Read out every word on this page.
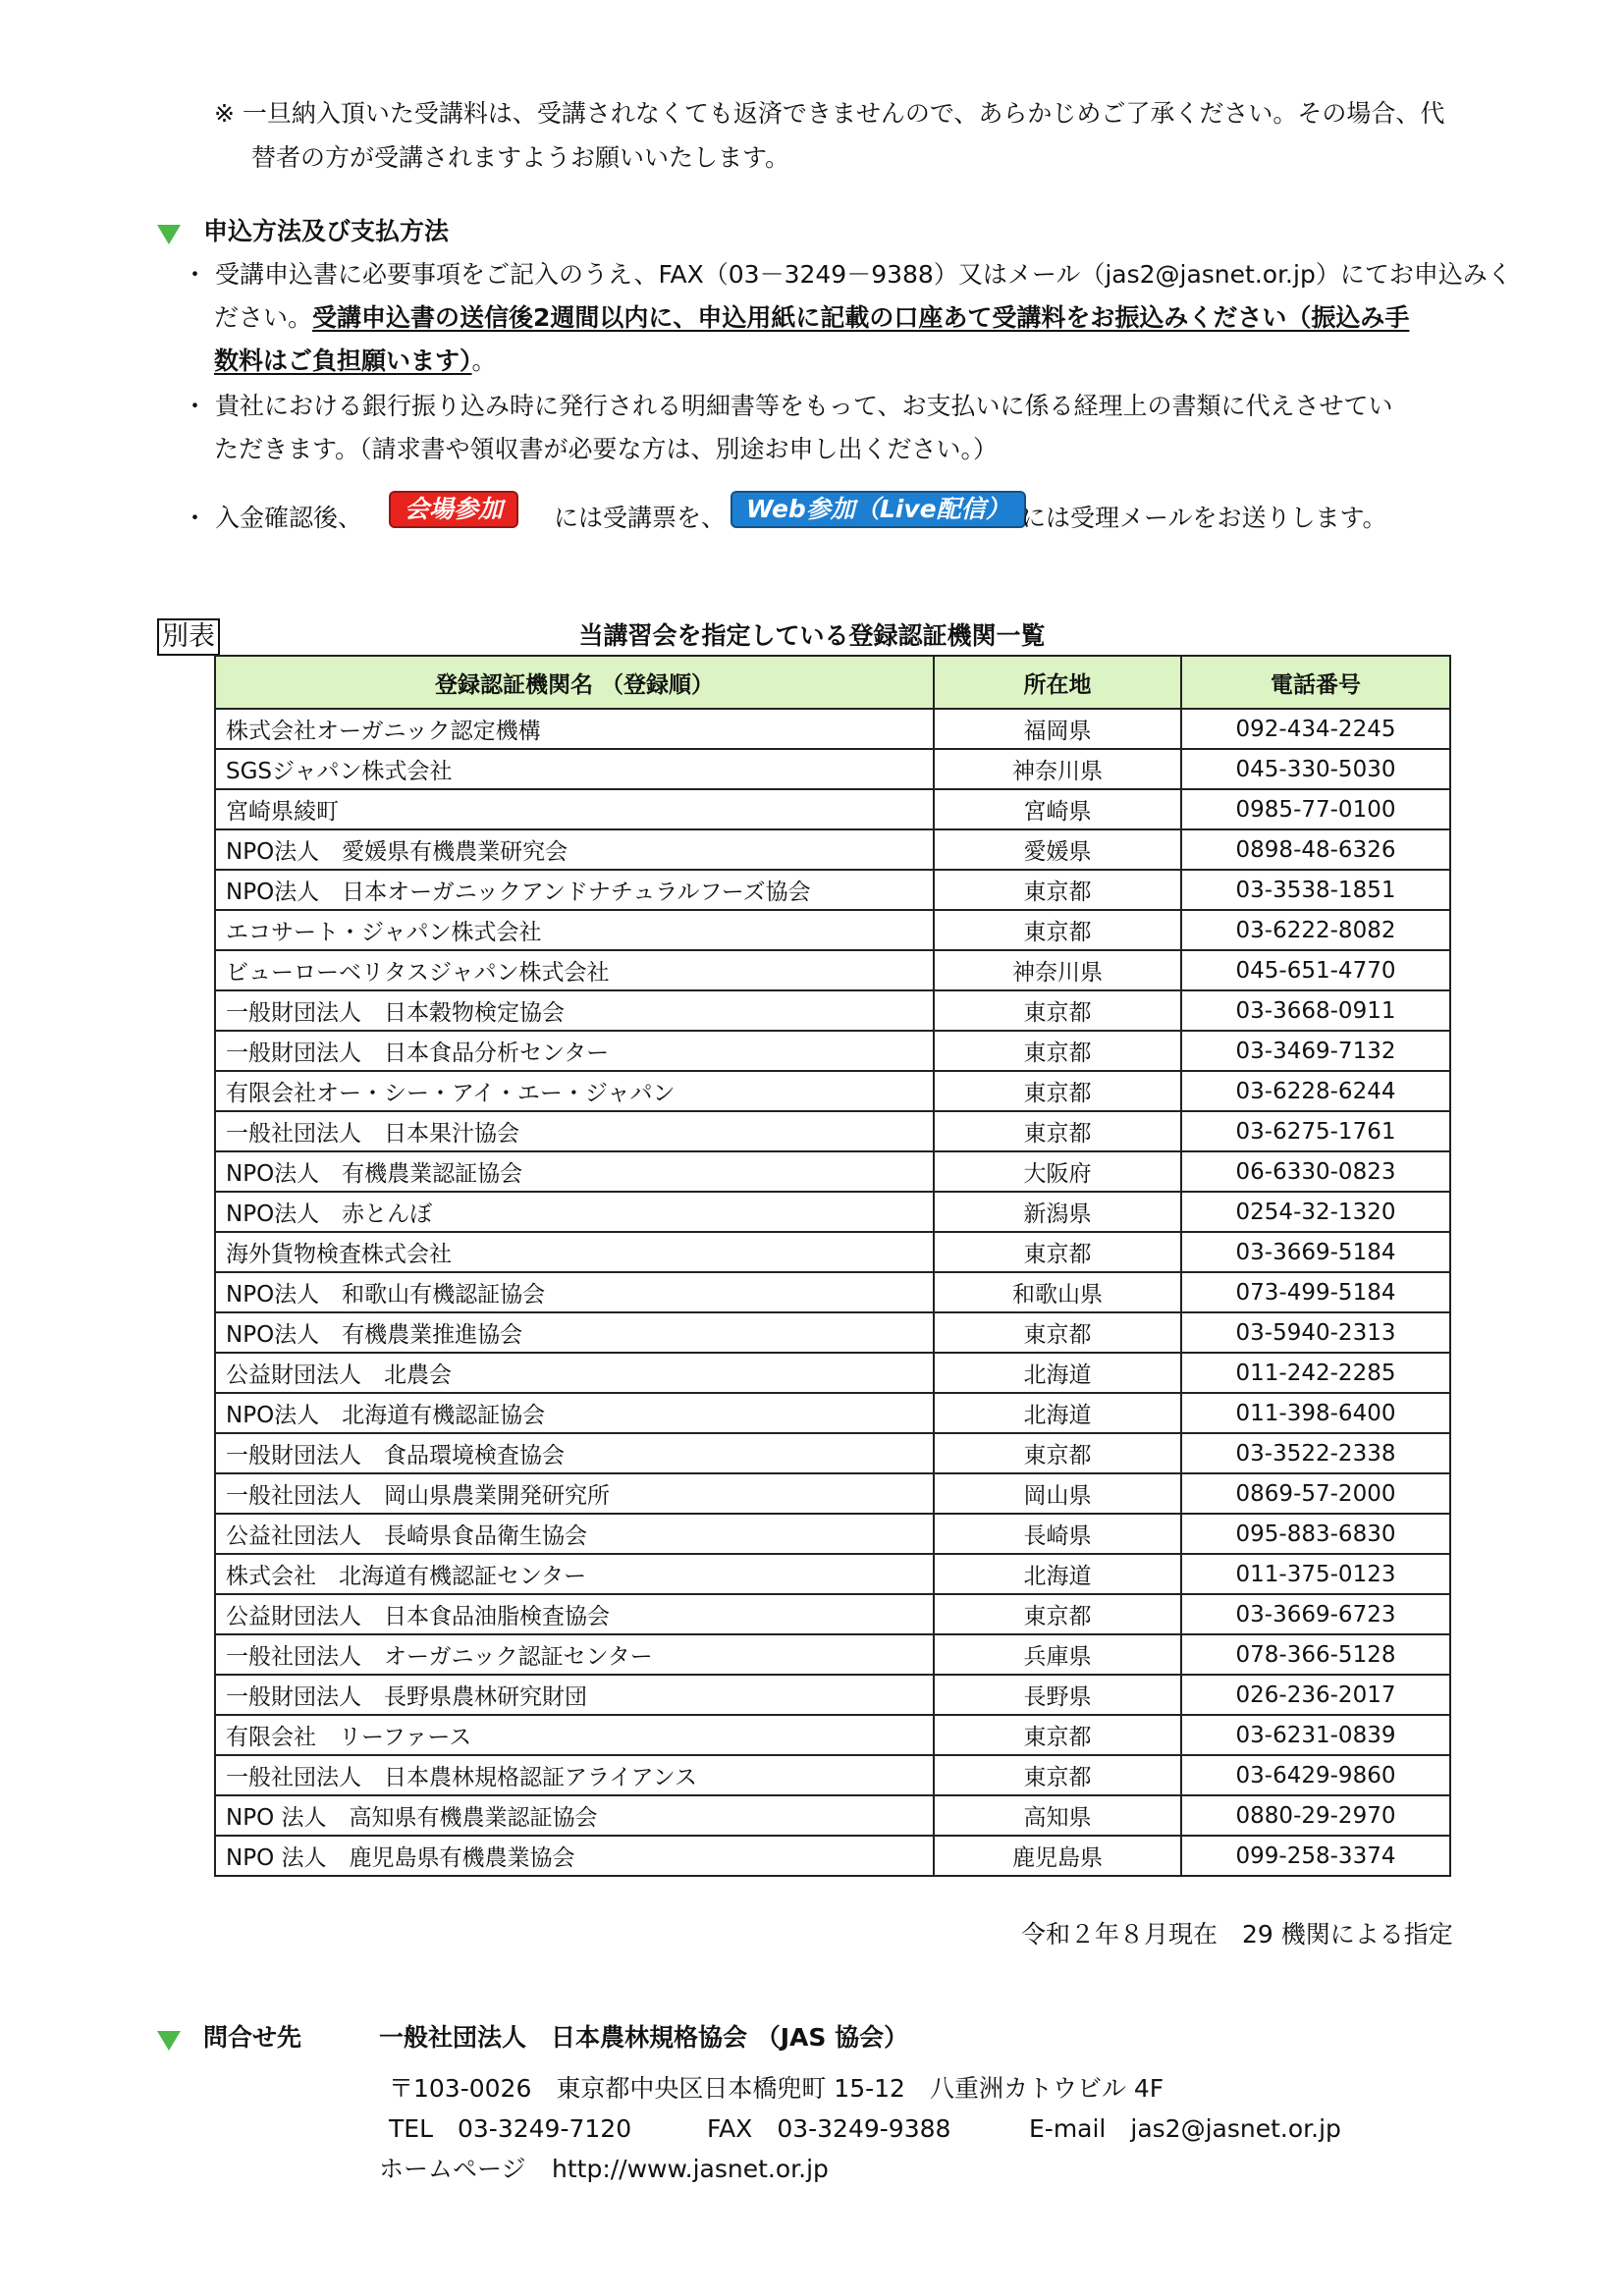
※ 一旦納入頂いた受講料は、受講されなくても返済できませんので、あらかじめご了承ください。その場合、代
替者の方が受講されますようお願いいたします。
申込方法及び支払方法
・ 受講申込書に必要事項をご記入のうえ、FAX（03－3249－9388）又はメール（jas2@jasnet.or.jp）にてお申込みく
ださい。受講申込書の送信後2週間以内に、申込用紙に記載の口座あて受講料をお振込みください（振込み手
数料はご負担願います）。
・ 貴社における銀行振り込み時に発行される明細書等をもって、お支払いに係る経理上の書類に代えさせてい
ただきます。（請求書や領収書が必要な方は、別途お申し出ください。）
・ 入金確認後、	会場参加	には受講票を、 Web参加（Live配信） には受理メールをお送りします。
別表	当講習会を指定している登録認証機関一覧
登録認証機関名 （登録順）	所在地	電話番号
株式会社オーガニック認定機構	福岡県	092-434-2245
SGSジャパン株式会社	神奈川県	045-330-5030
宮崎県綾町	宮崎県	0985-77-0100
NPO法人　愛媛県有機農業研究会	愛媛県	0898-48-6326
NPO法人　日本オーガニックアンドナチュラルフーズ協会	東京都	03-3538-1851
エコサート・ジャパン株式会社	東京都	03-6222-8082
ビューローベリタスジャパン株式会社	神奈川県	045-651-4770
一般財団法人　日本穀物検定協会	東京都	03-3668-0911
一般財団法人　日本食品分析センター	東京都	03-3469-7132
有限会社オー・シー・アイ・エー・ジャパン	東京都	03-6228-6244
一般社団法人　日本果汁協会	東京都	03-6275-1761
NPO法人　有機農業認証協会	大阪府	06-6330-0823
NPO法人　赤とんぼ	新潟県	0254-32-1320
海外貨物検査株式会社	東京都	03-3669-5184
NPO法人　和歌山有機認証協会	和歌山県	073-499-5184
NPO法人　有機農業推進協会	東京都	03-5940-2313
公益財団法人　北農会	北海道	011-242-2285
NPO法人　北海道有機認証協会	北海道	011-398-6400
一般財団法人　食品環境検査協会	東京都	03-3522-2338
一般社団法人　岡山県農業開発研究所	岡山県	0869-57-2000
公益社団法人　長崎県食品衛生協会	長崎県	095-883-6830
株式会社　北海道有機認証センター	北海道	011-375-0123
公益財団法人　日本食品油脂検査協会	東京都	03-3669-6723
一般社団法人　オーガニック認証センター	兵庫県	078-366-5128
一般財団法人　長野県農林研究財団	長野県	026-236-2017
有限会社　リーファース	東京都	03-6231-0839
一般社団法人　日本農林規格認証アライアンス	東京都	03-6429-9860
NPO 法人　高知県有機農業認証協会	高知県	0880-29-2970
NPO 法人　鹿児島県有機農業協会	鹿児島県	099-258-3374
令和２年８月現在　29 機関による指定
問合せ先	一般社団法人　日本農林規格協会 （JAS 協会）
〒103-0026　東京都中央区日本橋兜町 15-12　八重洲カトウビル 4F
TEL　03-3249-7120	FAX　03-3249-9388	E-mail　jas2@jasnet.or.jp
ホームページ http://www.jasnet.or.jp
